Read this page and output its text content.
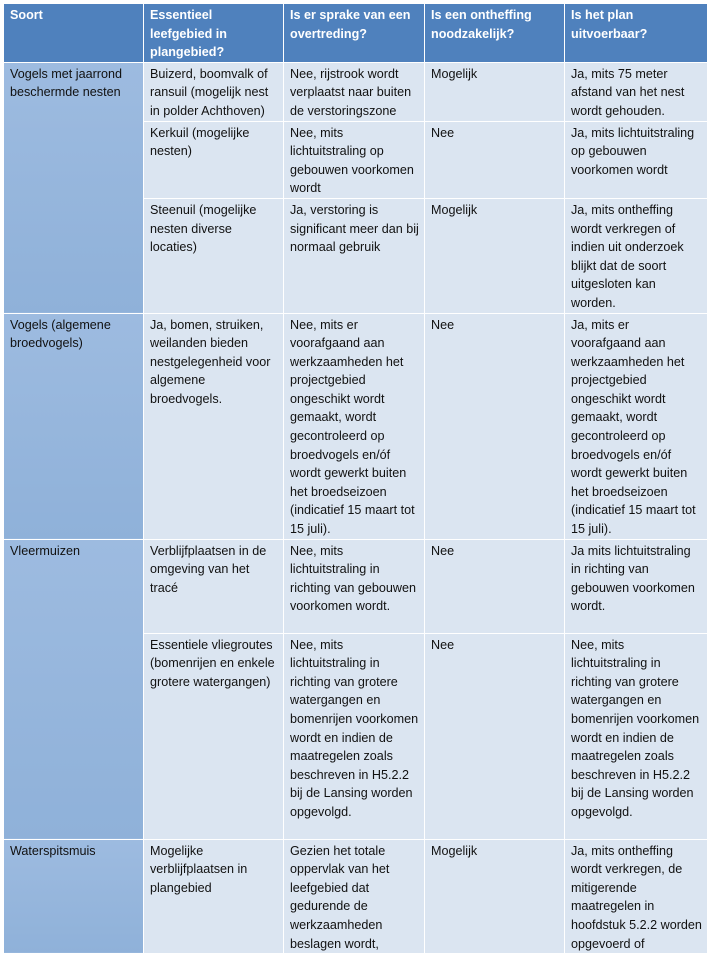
Soort	Essentieel leefgebied in plangebied?	Is er sprake van een overtreding?	Is een ontheffing noodzakelijk?	Is het plan uitvoerbaar?
Vogels met jaarrond beschermde nesten	Buizerd, boomvalk of ransuil (mogelijk nest in polder Achthoven)	Nee, rijstrook wordt verplaatst naar buiten de verstoringszone	Mogelijk	Ja, mits 75 meter afstand van het nest wordt gehouden.
	Kerkuil (mogelijke nesten)	Nee, mits lichtuitstraling op gebouwen voorkomen wordt	Nee	Ja, mits lichtuitstraling op gebouwen voorkomen wordt
	Steenuil (mogelijke nesten diverse locaties)	Ja, verstoring is significant meer dan bij normaal gebruik	Mogelijk	Ja, mits ontheffing wordt verkregen of indien uit onderzoek blijkt dat de soort uitgesloten kan worden.
Vogels (algemene broedvogels)	Ja, bomen, struiken, weilanden bieden nestgelegenheid voor algemene broedvogels.	Nee, mits er voorafgaand aan werkzaamheden het projectgebied ongeschikt wordt gemaakt, wordt gecontroleerd op broedvogels en/óf wordt gewerkt buiten het broedseizoen (indicatief 15 maart tot 15 juli).	Nee	Ja, mits er voorafgaand aan werkzaamheden het projectgebied ongeschikt wordt gemaakt, wordt gecontroleerd op broedvogels en/óf wordt gewerkt buiten het broedseizoen (indicatief 15 maart tot 15 juli).
Vleermuizen	Verblijfplaatsen in de omgeving van het tracé	Nee, mits lichtuitstraling in richting van gebouwen voorkomen wordt.	Nee	Ja mits lichtuitstraling in richting van gebouwen voorkomen wordt.
	Essentiele vliegroutes (bomenrijen en enkele grotere watergangen)	Nee, mits lichtuitstraling in richting van grotere watergangen en bomenrijen voorkomen wordt en indien de maatregelen zoals beschreven in H5.2.2 bij de Lansing worden opgevolgd.	Nee	Nee, mits lichtuitstraling in richting van grotere watergangen en bomenrijen voorkomen wordt en indien de maatregelen zoals beschreven in H5.2.2 bij de Lansing worden opgevolgd.
Waterspitsmuis	Mogelijke verblijfplaatsen in plangebied	Gezien het totale oppervlak van het leefgebied dat gedurende de werkzaamheden beslagen wordt,	Mogelijk	Ja, mits ontheffing wordt verkregen, de mitigerende maatregelen in hoofdstuk 5.2.2 worden opgevoerd of
